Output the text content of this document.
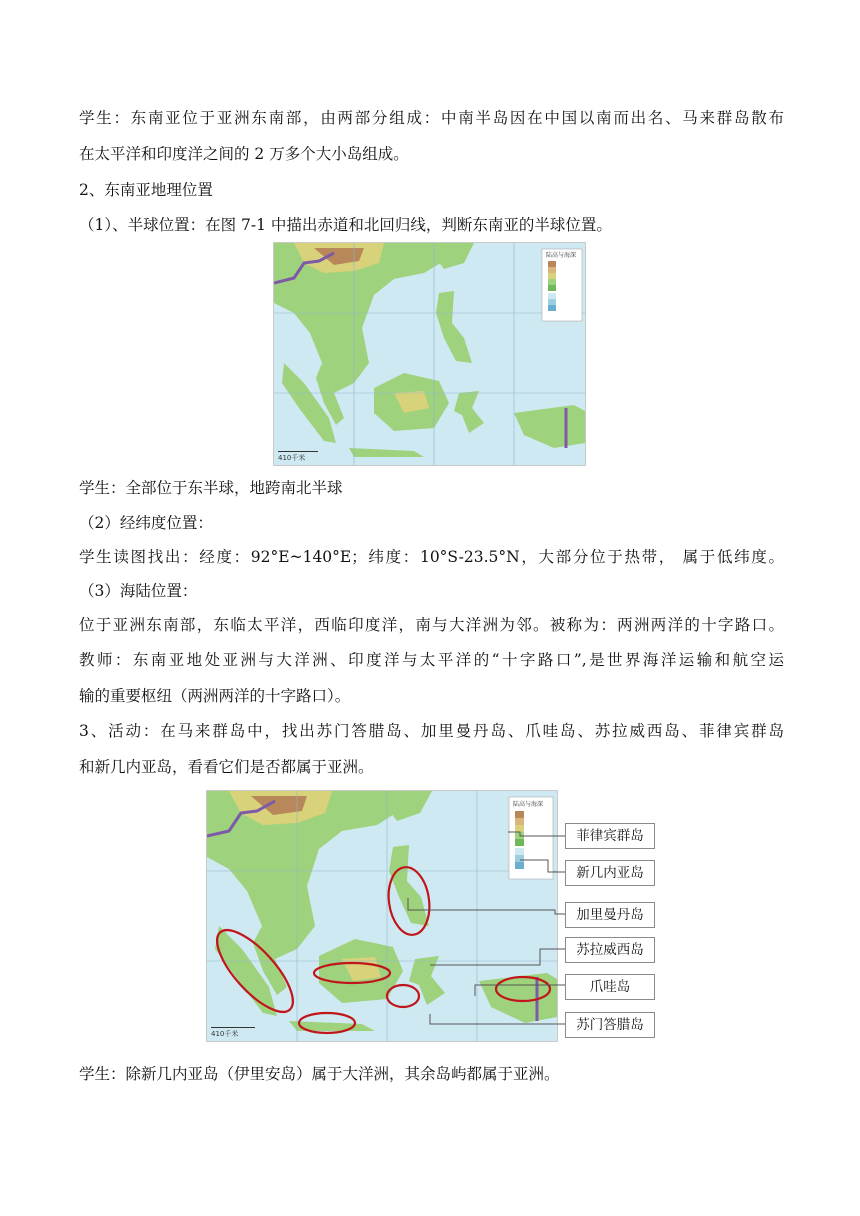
学生：东南亚位于亚洲东南部，由两部分组成：中南半岛因在中国以南而出名、马来群岛散布
在太平洋和印度洋之间的 2 万多个大小岛组成。
2、东南亚地理位置
（1）、半球位置：在图 7-1 中描出赤道和北回归线，判断东南亚的半球位置。
陆高与海深
410千米
学生：全部位于东半球，地跨南北半球
（2）经纬度位置：
学生读图找出：经度：92°E~140°E；纬度：10°S-23.5°N，大部分位于热带， 属于低纬度。
（3）海陆位置：
位于亚洲东南部，东临太平洋，西临印度洋，南与大洋洲为邻。被称为：两洲两洋的十字路口。
教师：东南亚地处亚洲与大洋洲、印度洋与太平洋的“十字路口”,是世界海洋运输和航空运
输的重要枢纽（两洲两洋的十字路口）。
3、活动：在马来群岛中，找出苏门答腊岛、加里曼丹岛、爪哇岛、苏拉威西岛、菲律宾群岛
和新几内亚岛，看看它们是否都属于亚洲。
陆高与海深
410千米
菲律宾群岛
新几内亚岛
加里曼丹岛
苏拉威西岛
爪哇岛
苏门答腊岛
学生：除新几内亚岛（伊里安岛）属于大洋洲，其余岛屿都属于亚洲。
